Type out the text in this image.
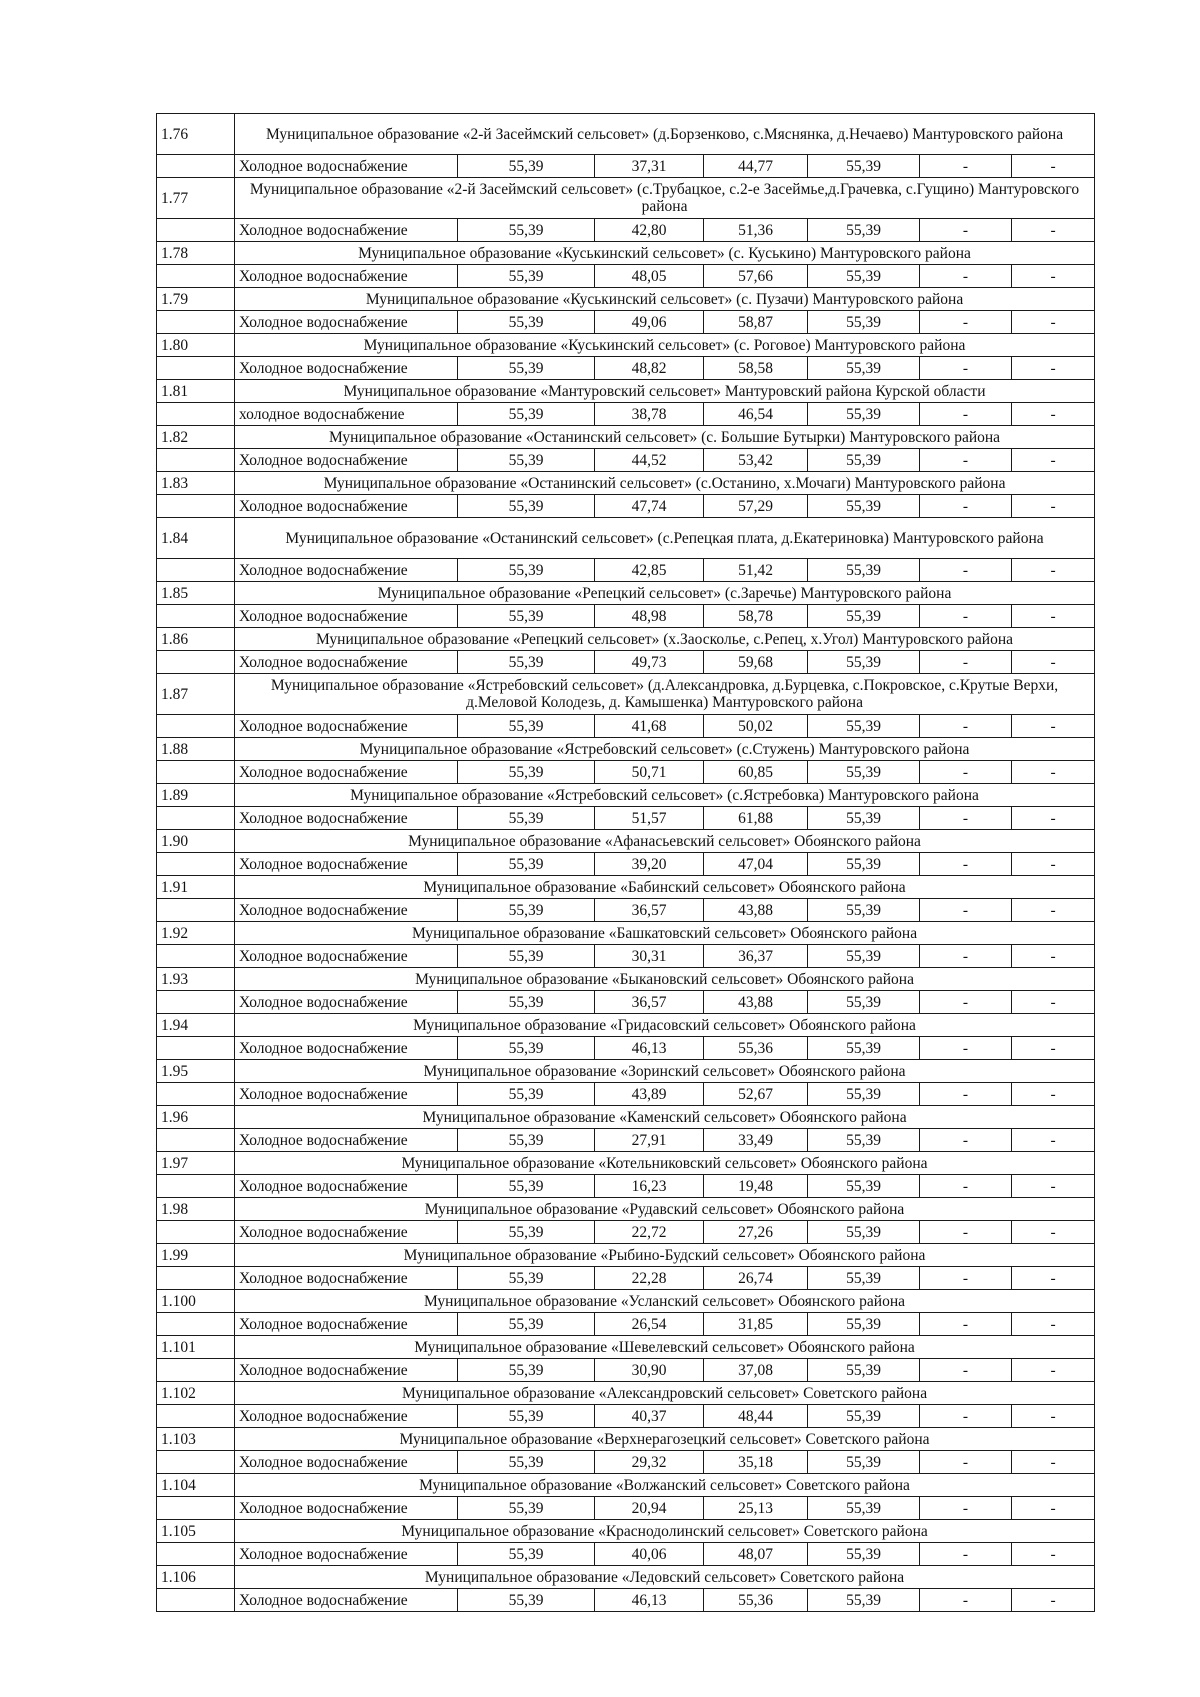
1.76	Муниципальное образование «2-й Засеймский сельсовет» (д.Борзенково, с.Мяснянка, д.Нечаево) Мантуровского района						
	Холодное водоснабжение	55,39	37,31	44,77	55,39	-	-
1.77	Муниципальное образование «2-й Засеймский сельсовет» (с.Трубацкое, с.2-е Засеймье,д.Грачевка, с.Гущино) Мантуровского района						
	Холодное водоснабжение	55,39	42,80	51,36	55,39	-	-
1.78	Муниципальное образование «Куськинский сельсовет» (с. Куськино) Мантуровского района						
	Холодное водоснабжение	55,39	48,05	57,66	55,39	-	-
1.79	Муниципальное образование «Куськинский сельсовет» (с. Пузачи) Мантуровского района						
	Холодное водоснабжение	55,39	49,06	58,87	55,39	-	-
1.80	Муниципальное образование «Куськинский сельсовет» (с. Роговое) Мантуровского района						
	Холодное водоснабжение	55,39	48,82	58,58	55,39	-	-
1.81	Муниципальное образование «Мантуровский сельсовет» Мантуровский района Курской области						
	холодное водоснабжение	55,39	38,78	46,54	55,39	-	-
1.82	Муниципальное образование «Останинский сельсовет» (с. Большие Бутырки) Мантуровского района						
	Холодное водоснабжение	55,39	44,52	53,42	55,39	-	-
1.83	Муниципальное образование «Останинский сельсовет» (с.Останино, х.Мочаги) Мантуровского района						
	Холодное водоснабжение	55,39	47,74	57,29	55,39	-	-
1.84	Муниципальное образование «Останинский сельсовет» (с.Репецкая плата, д.Екатериновка) Мантуровского района						
	Холодное водоснабжение	55,39	42,85	51,42	55,39	-	-
1.85	Муниципальное образование «Репецкий сельсовет» (с.Заречье) Мантуровского района						
	Холодное водоснабжение	55,39	48,98	58,78	55,39	-	-
1.86	Муниципальное образование «Репецкий сельсовет» (х.Заосколье, с.Репец, х.Угол) Мантуровского района						
	Холодное водоснабжение	55,39	49,73	59,68	55,39	-	-
1.87	Муниципальное образование «Ястребовский сельсовет» (д.Александровка, д.Бурцевка, с.Покровское, с.Крутые Верхи, д.Меловой Колодезь, д. Камышенка) Мантуровского района						
	Холодное водоснабжение	55,39	41,68	50,02	55,39	-	-
1.88	Муниципальное образование «Ястребовский сельсовет» (с.Стужень) Мантуровского района						
	Холодное водоснабжение	55,39	50,71	60,85	55,39	-	-
1.89	Муниципальное образование «Ястребовский сельсовет» (с.Ястребовка) Мантуровского района						
	Холодное водоснабжение	55,39	51,57	61,88	55,39	-	-
1.90	Муниципальное образование «Афанасьевский сельсовет» Обоянского района						
	Холодное водоснабжение	55,39	39,20	47,04	55,39	-	-
1.91	Муниципальное образование «Бабинский сельсовет» Обоянского района						
	Холодное водоснабжение	55,39	36,57	43,88	55,39	-	-
1.92	Муниципальное образование «Башкатовский сельсовет» Обоянского района						
	Холодное водоснабжение	55,39	30,31	36,37	55,39	-	-
1.93	Муниципальное образование «Быкановский сельсовет» Обоянского района						
	Холодное водоснабжение	55,39	36,57	43,88	55,39	-	-
1.94	Муниципальное образование «Гридасовский сельсовет» Обоянского района						
	Холодное водоснабжение	55,39	46,13	55,36	55,39	-	-
1.95	Муниципальное образование «Зоринский сельсовет» Обоянского района						
	Холодное водоснабжение	55,39	43,89	52,67	55,39	-	-
1.96	Муниципальное образование «Каменский сельсовет» Обоянского района						
	Холодное водоснабжение	55,39	27,91	33,49	55,39	-	-
1.97	Муниципальное образование «Котельниковский сельсовет» Обоянского района						
	Холодное водоснабжение	55,39	16,23	19,48	55,39	-	-
1.98	Муниципальное образование «Рудавский сельсовет» Обоянского района						
	Холодное водоснабжение	55,39	22,72	27,26	55,39	-	-
1.99	Муниципальное образование «Рыбино-Будский сельсовет» Обоянского района						
	Холодное водоснабжение	55,39	22,28	26,74	55,39	-	-
1.100	Муниципальное образование «Усланский сельсовет» Обоянского района						
	Холодное водоснабжение	55,39	26,54	31,85	55,39	-	-
1.101	Муниципальное образование «Шевелевский сельсовет» Обоянского района						
	Холодное водоснабжение	55,39	30,90	37,08	55,39	-	-
1.102	Муниципальное образование «Александровский сельсовет» Советского района						
	Холодное водоснабжение	55,39	40,37	48,44	55,39	-	-
1.103	Муниципальное образование «Верхнерагозецкий сельсовет» Советского района						
	Холодное водоснабжение	55,39	29,32	35,18	55,39	-	-
1.104	Муниципальное образование «Волжанский сельсовет» Советского района						
	Холодное водоснабжение	55,39	20,94	25,13	55,39	-	-
1.105	Муниципальное образование «Краснодолинский сельсовет» Советского района						
	Холодное водоснабжение	55,39	40,06	48,07	55,39	-	-
1.106	Муниципальное образование «Ледовский сельсовет» Советского района						
	Холодное водоснабжение	55,39	46,13	55,36	55,39	-	-
